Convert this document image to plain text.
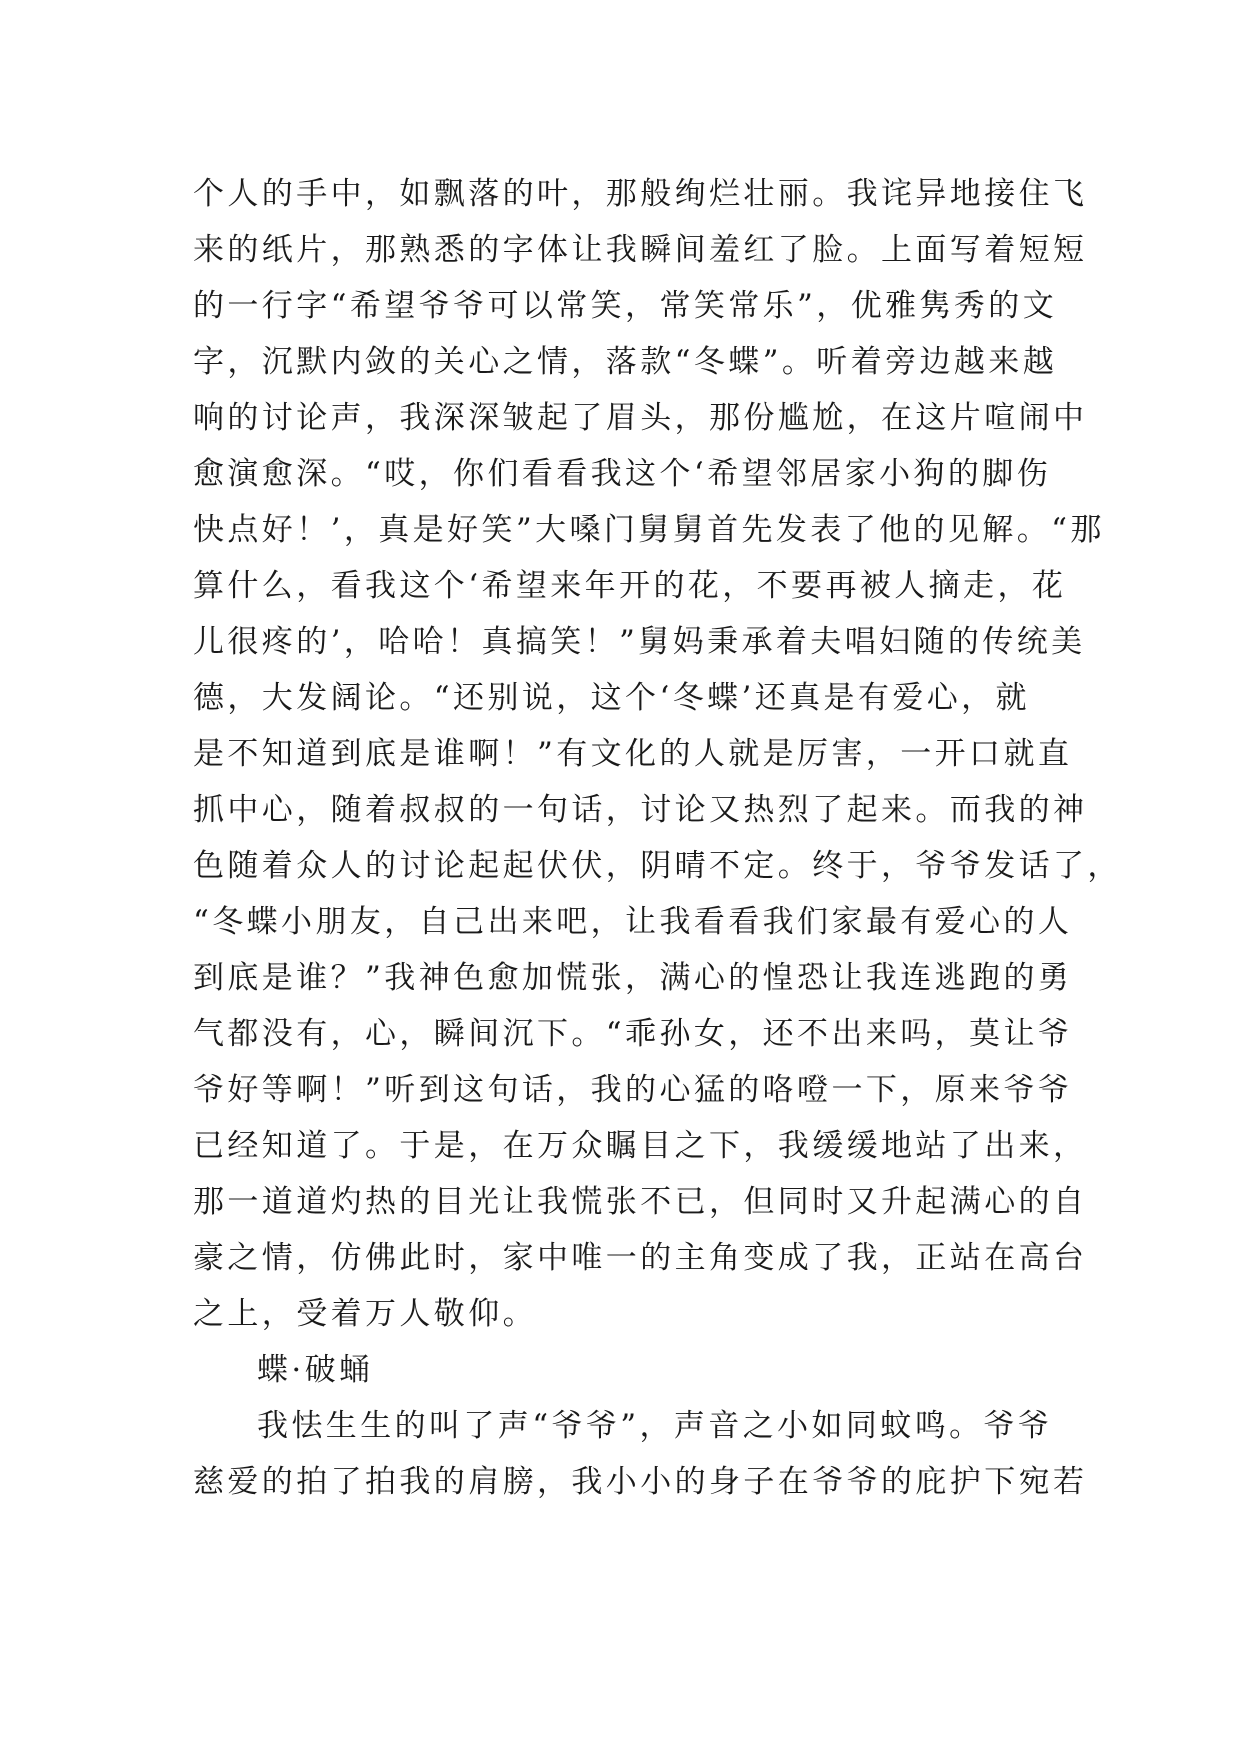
个人的手中，如飘落的叶，那般绚烂壮丽。我诧异地接住飞
来的纸片，那熟悉的字体让我瞬间羞红了脸。上面写着短短
的一行字“希望爷爷可以常笑，常笑常乐”，优雅隽秀的文
字，沉默内敛的关心之情，落款“冬蝶”。听着旁边越来越
响的讨论声，我深深皱起了眉头，那份尴尬，在这片喧闹中
愈演愈深。“哎，你们看看我这个‘希望邻居家小狗的脚伤
快点好！’，真是好笑”大嗓门舅舅首先发表了他的见解。“那
算什么，看我这个‘希望来年开的花，不要再被人摘走，花
儿很疼的’，哈哈！真搞笑！”舅妈秉承着夫唱妇随的传统美
德，大发阔论。“还别说，这个‘冬蝶’还真是有爱心，就
是不知道到底是谁啊！”有文化的人就是厉害，一开口就直
抓中心，随着叔叔的一句话，讨论又热烈了起来。而我的神
色随着众人的讨论起起伏伏，阴晴不定。终于，爷爷发话了，
“冬蝶小朋友，自己出来吧，让我看看我们家最有爱心的人
到底是谁？”我神色愈加慌张，满心的惶恐让我连逃跑的勇
气都没有，心，瞬间沉下。“乖孙女，还不出来吗，莫让爷
爷好等啊！”听到这句话，我的心猛的咯噔一下，原来爷爷
已经知道了。于是，在万众瞩目之下，我缓缓地站了出来，
那一道道灼热的目光让我慌张不已，但同时又升起满心的自
豪之情，仿佛此时，家中唯一的主角变成了我，正站在高台
之上，受着万人敬仰。
蝶·破蛹
我怯生生的叫了声“爷爷”，声音之小如同蚊鸣。爷爷
慈爱的拍了拍我的肩膀，我小小的身子在爷爷的庇护下宛若
